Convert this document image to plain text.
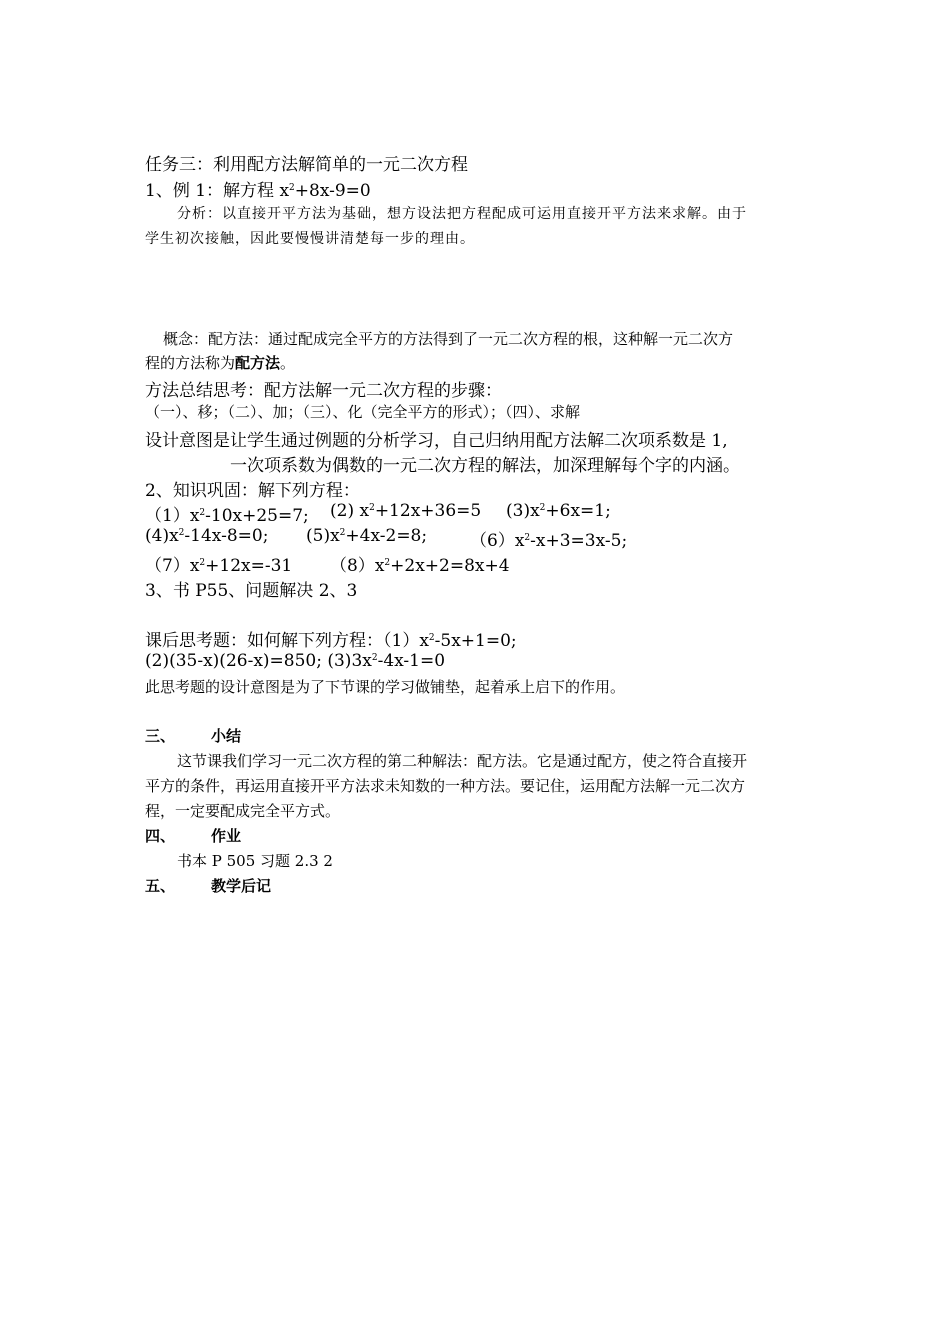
任务三：利用配方法解简单的一元二次方程
1、例 1：解方程 $x^2+8x-9=0$
分析：以直接开平方法为基础，想方设法把方程配成可运用直接开平方法来求解。由于
学生初次接触，因此要慢慢讲清楚每一步的理由。
概念：配方法：通过配成完全平方的方法得到了一元二次方程的根，这种解一元二次方
程的方法称为配方法。
方法总结思考：配方法解一元二次方程的步骤：
（一）、移；（二）、加；（三）、化（完全平方的形式）；（四）、求解
设计意图是让学生通过例题的分析学习，自己归纳用配方法解二次项系数是 1,
一次项系数为偶数的一元二次方程的解法，加深理解每个字的内涵。
2、知识巩固：解下列方程：
$(1)x^2-10x+25=7$; (2) $x^2+12x+36=5$ $(3)x^2+6x=1$;
$(4)x^2-14x-8=0$; $(5)x^2+4x-2=8$;	$(6)x^2-x+3=3x-5$;
$(7)x^2+12x=-31$ $(8)x^2+2x+2=8x+4$
3、书 P55、问题解决 2、3
课后思考题：如何解下列方程：$(1)x^2-5x+1=0$;
(2)(35-x)(26-x)=850; $(3)3x^2-4x-1=0$
此思考题的设计意图是为了下节课的学习做铺垫，起着承上启下的作用。
三、 小结
这节课我们学习一元二次方程的第二种解法：配方法。它是通过配方，使之符合直接开
平方的条件，再运用直接开平方法求未知数的一种方法。要记住，运用配方法解一元二次方
程，一定要配成完全平方式。
四、 作业
书本 P 505 习题 2.3 2
五、 教学后记
